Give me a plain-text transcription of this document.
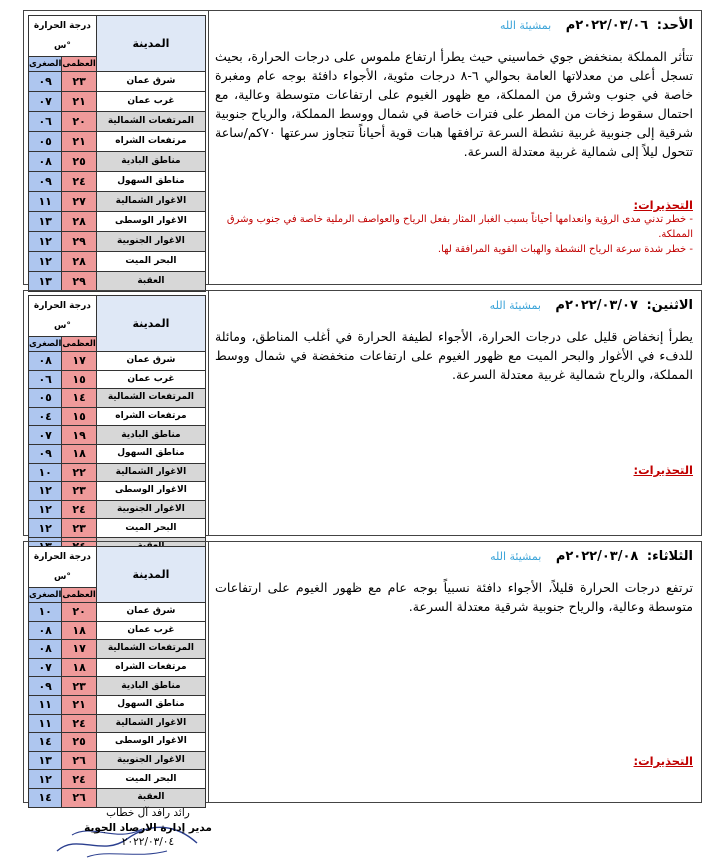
درجة الحرارة س°		المدينة
الصغرى	العظمى	
٠٩	٢٣	شرق عمان
٠٧	٢١	غرب عمان
٠٦	٢٠	المرتفعات الشمالية
٠٥	٢١	مرتفعات الشراه
٠٨	٢٥	مناطق البادية
٠٩	٢٤	مناطق السهول
١١	٢٧	الاغوار الشمالية
١٣	٢٨	الاغوار الوسطى
١٢	٢٩	الاغوار الجنوبية
١٢	٢٨	البحر الميت
١٣	٢٩	العقبة
الأحد: ٢٠٢٢/٠٣/٠٦م بمشيئة الله
تتأثر المملكة بمنخفض جوي خماسيني حيث يطرأ ارتفاع ملموس على درجات الحرارة، بحيث تسجل أعلى من معدلاتها العامة بحوالي ٦-٨ درجات مئوية، الأجواء دافئة بوجه عام ومغبرة خاصة في جنوب وشرق من المملكة، مع ظهور الغيوم على ارتفاعات متوسطة وعالية، مع احتمال سقوط زخات من المطر على فترات خاصة في شمال ووسط المملكة، والرياح جنوبية شرقية إلى جنوبية غربية نشطة السرعة ترافقها هبات قوية أحياناً تتجاوز سرعتها ٧٠كم/ساعة تتحول ليلاً إلى شمالية غربية معتدلة السرعة.
التحذيرات:
- خطر تدني مدى الرؤية وانعدامها أحياناً بسبب الغبار المثار بفعل الرياح والعواصف الرملية خاصة في جنوب وشرق المملكة.
- خطر شدة سرعة الرياح النشطة والهبات القوية المرافقة لها.
درجة الحرارة س°		المدينة
الصغرى	العظمى	
٠٨	١٧	شرق عمان
٠٦	١٥	غرب عمان
٠٥	١٤	المرتفعات الشمالية
٠٤	١٥	مرتفعات الشراه
٠٧	١٩	مناطق البادية
٠٩	١٨	مناطق السهول
١٠	٢٢	الاغوار الشمالية
١٢	٢٣	الاغوار الوسطى
١٢	٢٤	الاغوار الجنوبية
١٢	٢٣	البحر الميت

الاثنين: ٢٠٢٢/٠٣/٠٧م بمشيئة الله
يطرأ إنخفاض قليل على درجات الحرارة، الأجواء لطيفة الحرارة في أغلب المناطق، ومائلة للدفء في الأغوار والبحر الميت مع ظهور الغيوم على ارتفاعات منخفضة في شمال ووسط المملكة، والرياح شمالية غربية معتدلة السرعة.
التحذيرات:
درجة الحرارة س°		المدينة
الصغرى	العظمى	
١٠	٢٠	شرق عمان
٠٨	١٨	غرب عمان
٠٨	١٧	المرتفعات الشمالية
٠٧	١٨	مرتفعات الشراه
٠٩	٢٣	مناطق البادية
١١	٢١	مناطق السهول
١١	٢٤	الاغوار الشمالية
١٤	٢٥	الاغوار الوسطى
١٣	٢٦	الاغوار الجنوبية
١٢	٢٤	البحر الميت
١٤	٢٦	العقبة
الثلاثاء: ٢٠٢٢/٠٣/٠٨م بمشيئة الله
ترتفع درجات الحرارة قليلاً، الأجواء دافئة نسبياً بوجه عام مع ظهور الغيوم على ارتفاعات متوسطة وعالية، والرياح جنوبية شرقية معتدلة السرعة.
التحذيرات:
رائد رافد آل خطاب
مدير إدارة الارصاد الجوية
٢٠٢٢/٠٣/٠٤
